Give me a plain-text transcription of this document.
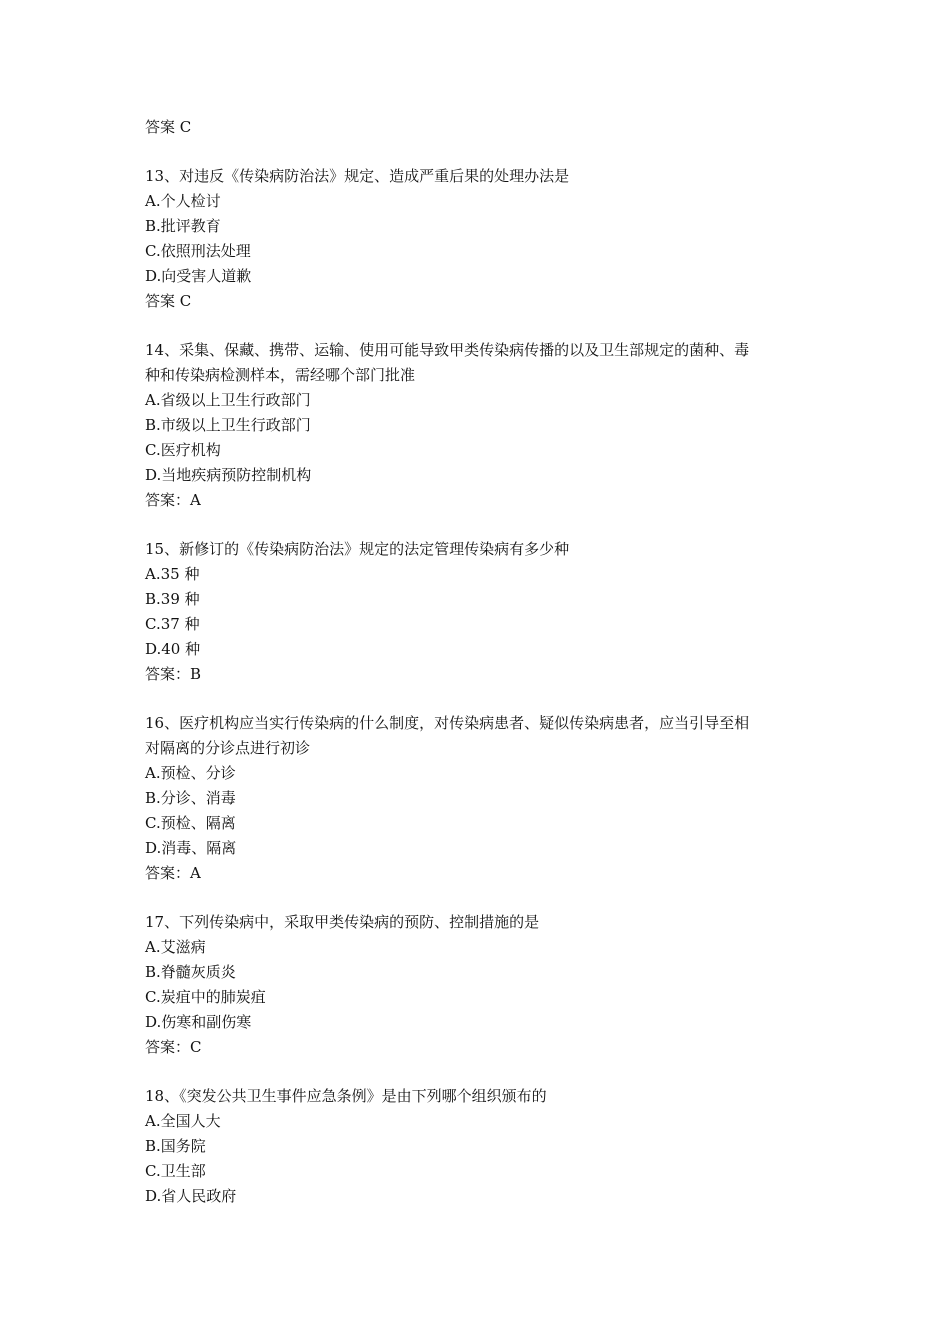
答案 C
13、对违反《传染病防治法》规定、造成严重后果的处理办法是
A.个人检讨
B.批评教育
C.依照刑法处理
D.向受害人道歉
答案 C
14、采集、保藏、携带、运输、使用可能导致甲类传染病传播的以及卫生部规定的菌种、毒
种和传染病检测样本，需经哪个部门批准
A.省级以上卫生行政部门
B.市级以上卫生行政部门
C.医疗机构
D.当地疾病预防控制机构
答案：A
15、新修订的《传染病防治法》规定的法定管理传染病有多少种
A.35 种
B.39 种
C.37 种
D.40 种
答案：B
16、医疗机构应当实行传染病的什么制度，对传染病患者、疑似传染病患者，应当引导至相
对隔离的分诊点进行初诊
A.预检、分诊
B.分诊、消毒
C.预检、隔离
D.消毒、隔离
答案：A
17、下列传染病中，采取甲类传染病的预防、控制措施的是
A.艾滋病
B.脊髓灰质炎
C.炭疽中的肺炭疽
D.伤寒和副伤寒
答案：C
18、《突发公共卫生事件应急条例》是由下列哪个组织颁布的
A.全国人大
B.国务院
C.卫生部
D.省人民政府
